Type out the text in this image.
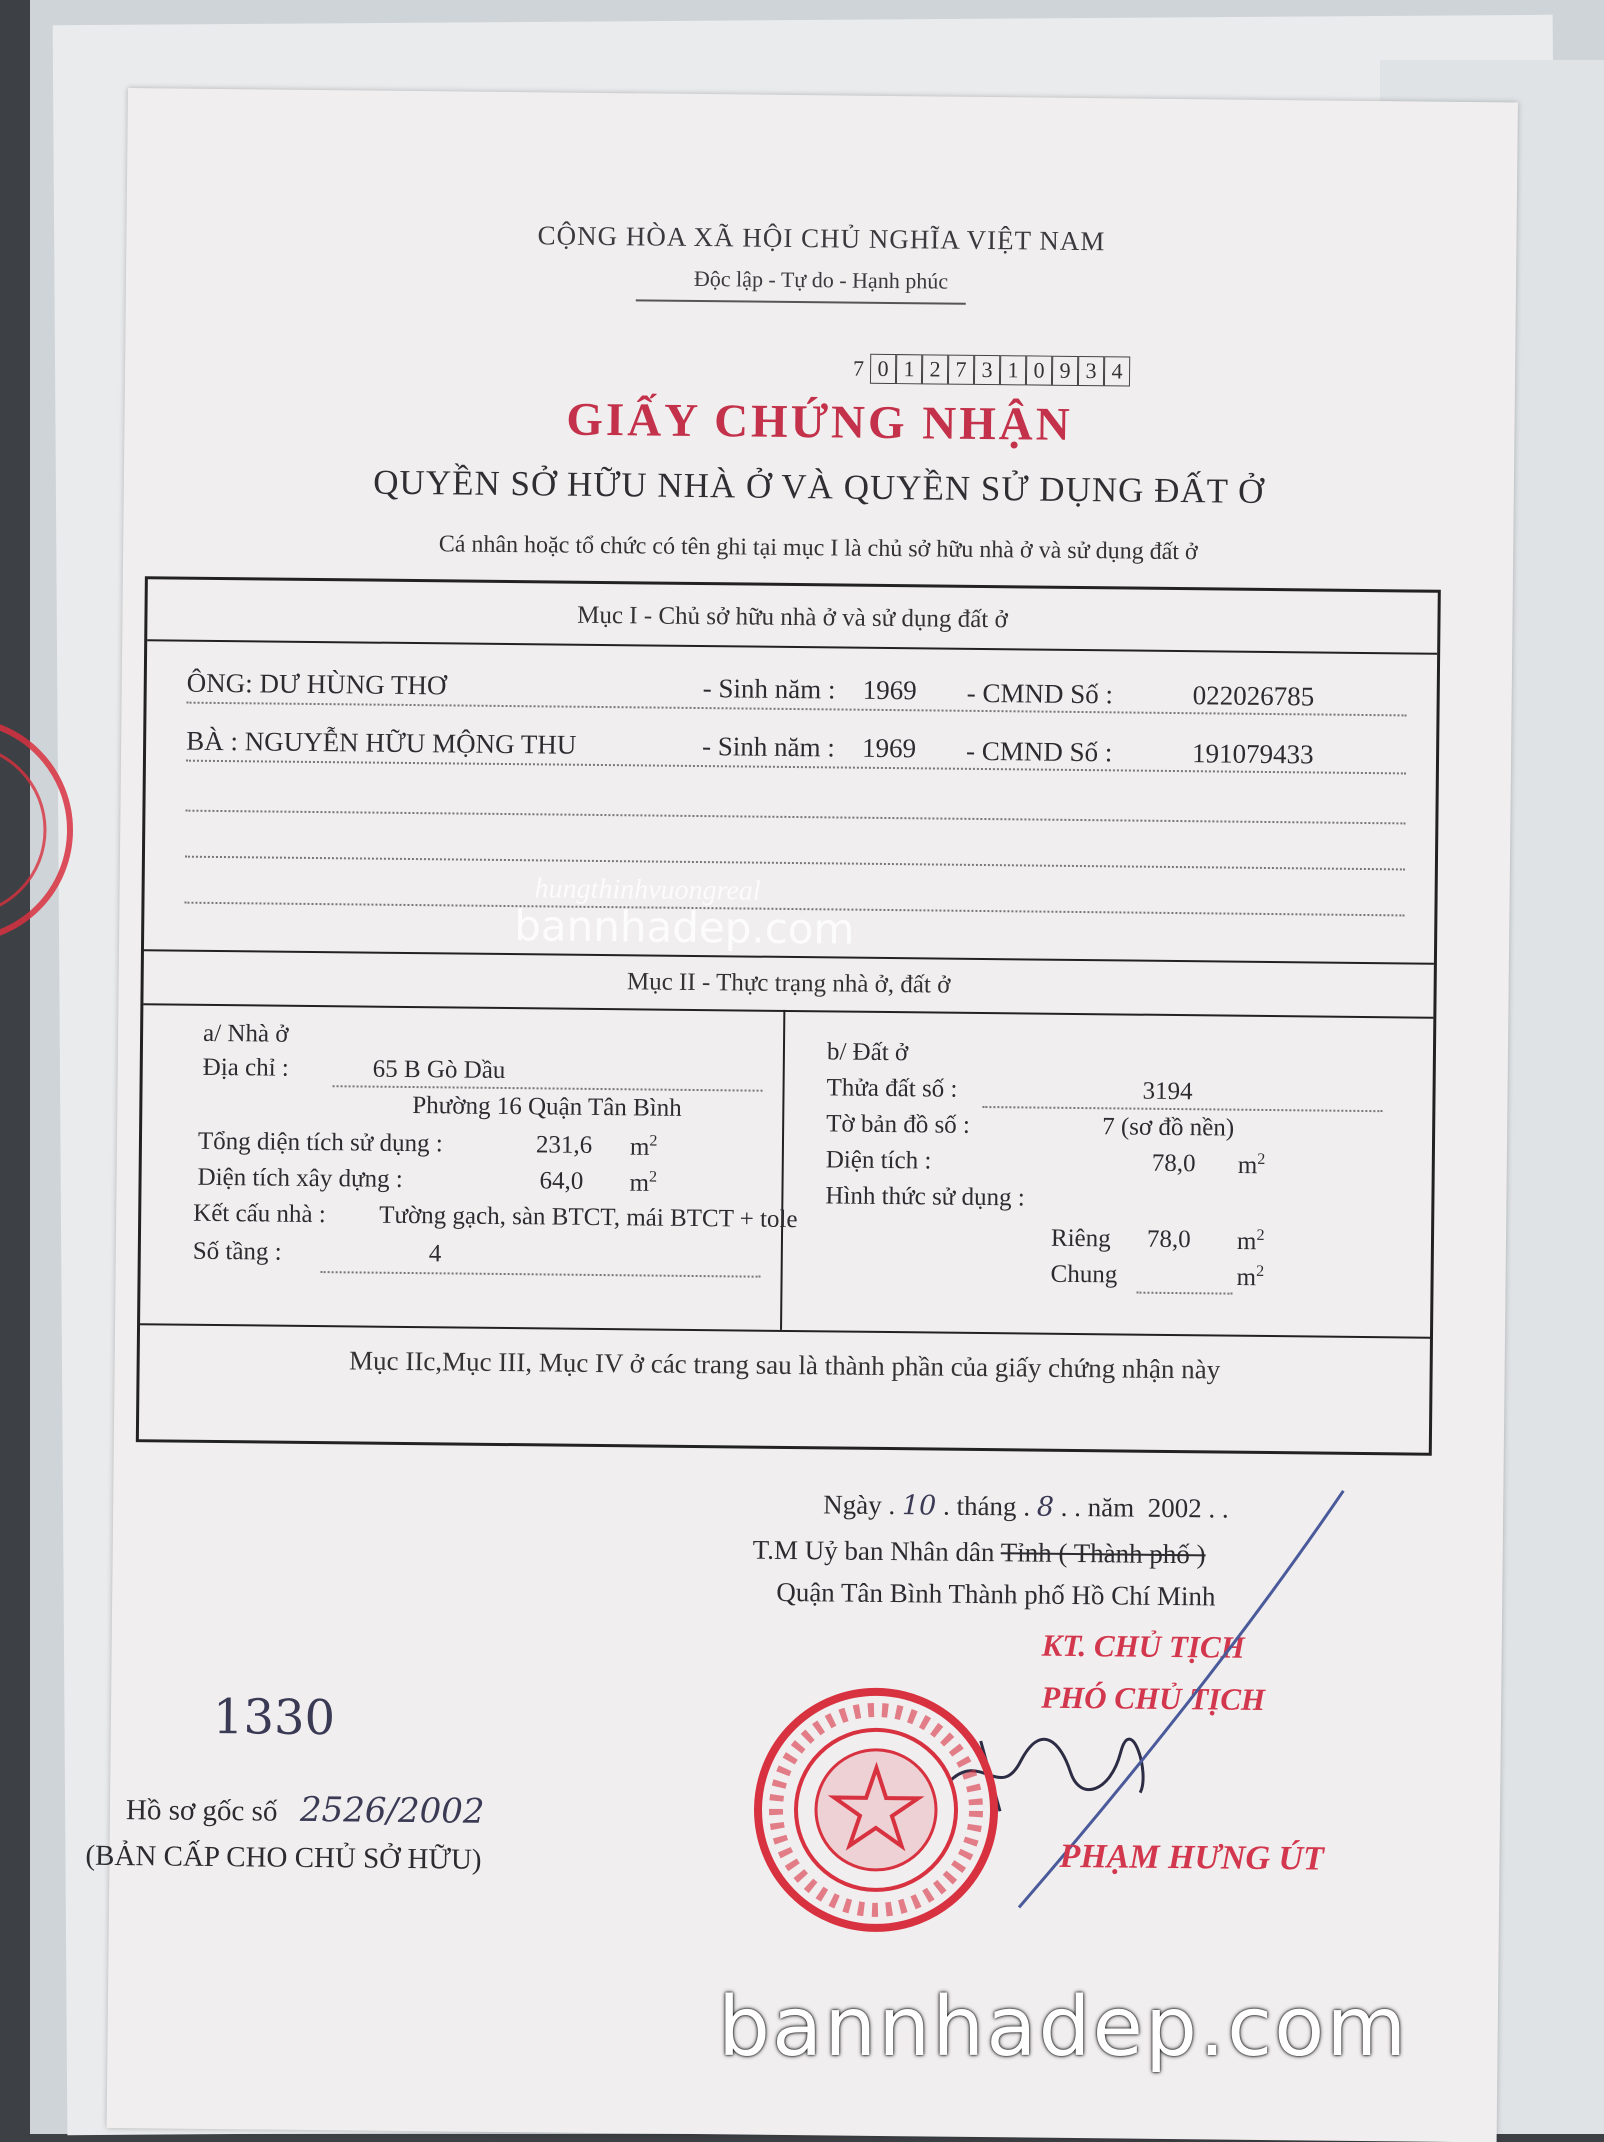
CỘNG HÒA XÃ HỘI CHỦ NGHĨA VIỆT NAM
Độc lập - Tự do - Hạnh phúc
7 0 1 2 7 3 1 0 9 3 4
GIẤY CHỨNG NHẬN
QUYỀN SỞ HỮU NHÀ Ở VÀ QUYỀN SỬ DỤNG ĐẤT Ở
Cá nhân hoặc tổ chức có tên ghi tại mục I là chủ sở hữu nhà ở và sử dụng đất ở
Mục I - Chủ sở hữu nhà ở và sử dụng đất ở
ÔNG: DƯ HÙNG THƠ	- Sinh năm : 1969 - CMND Số :	022026785
BÀ : NGUYỄN HỮU MỘNG THU	- Sinh năm : 1969 - CMND Số :	191079433
hungthinhvuongreal
bannhadep.com
Mục II - Thực trạng nhà ở, đất ở
a/ Nhà ở
Địa chỉ :	65 B Gò Dầu
Phường 16 Quận Tân Bình
Tổng diện tích sử dụng :	231,6 $m^2$
Diện tích xây dựng :	64,0 $m^2$
Kết cấu nhà : Tường gạch, sàn BTCT, mái BTCT + tole
Số tầng :	4
b/ Đất ở
Thửa đất số :	3194
Tờ bản đồ số :	7 (sơ đồ nền)
Diện tích :	78,0 $m^2$
Hình thức sử dụng :
Riêng 78,0 $m^2$
Chung	$m^2$
Mục IIc,Mục III, Mục IV ở các trang sau là thành phần của giấy chứng nhận này
Ngày . 10 . tháng . 8 . . năm 2002 . .
T.M Uỷ ban Nhân dân Tỉnh ( Thành phố )
Quận Tân Bình Thành phố Hồ Chí Minh
KT. CHỦ TỊCH
PHÓ CHỦ TỊCH
PHẠM HƯNG ÚT
1330
Hồ sơ gốc số 2526/2002
(BẢN CẤP CHO CHỦ SỞ HỮU)
bannhadep.com
